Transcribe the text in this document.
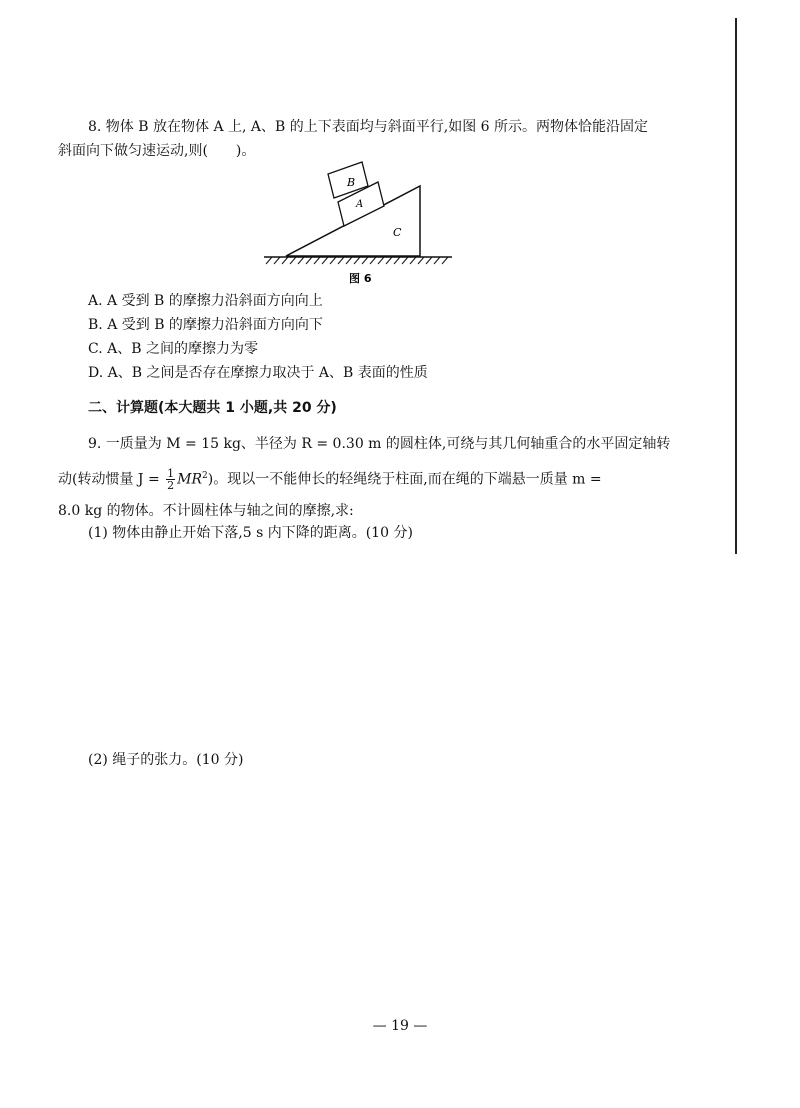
8. 物体 B 放在物体 A 上, A、B 的上下表面均与斜面平行,如图 6 所示。两物体恰能沿固定
斜面向下做匀速运动,则(　　)。
B
A
C
图 6
A. A 受到 B 的摩擦力沿斜面方向向上
B. A 受到 B 的摩擦力沿斜面方向向下
C. A、B 之间的摩擦力为零
D. A、B 之间是否存在摩擦力取决于 A、B 表面的性质
二、计算题(本大题共 1 小题,共 20 分)
9. 一质量为 M = 15 kg、半径为 R = 0.30 m 的圆柱体,可绕与其几何轴重合的水平固定轴转
动(转动惯量 $J = \frac{1}{2} MR^2$)。现以一不能伸长的轻绳绕于柱面,而在绳的下端悬一质量 m =
8.0 kg 的物体。不计圆柱体与轴之间的摩擦,求:
(1) 物体由静止开始下落,5 s 内下降的距离。(10 分)
(2) 绳子的张力。(10 分)
— 19 —
